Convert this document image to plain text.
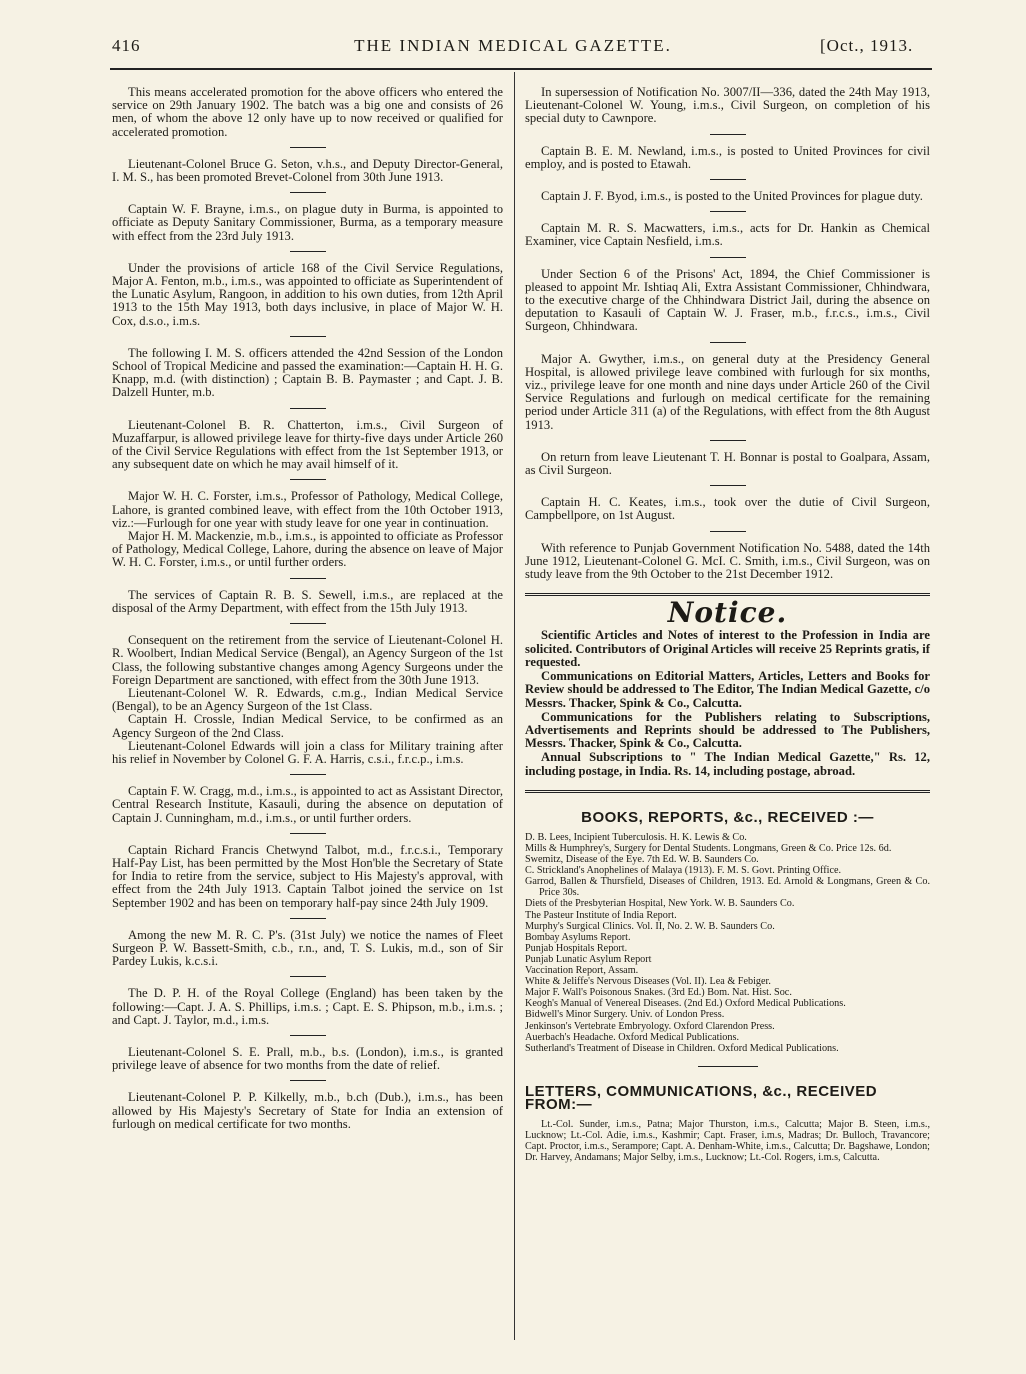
416	THE INDIAN MEDICAL GAZETTE.	[Oct., 1913.

This means accelerated promotion for the above officers who entered the service on 29th January 1902. The batch was a big one and consists of 26 men, of whom the above 12 only have up to now received or qualified for accelerated promotion.

Lieutenant-Colonel Bruce G. Seton, v.h.s., and Deputy Director-General, I. M. S., has been promoted Brevet-Colonel from 30th June 1913.

Captain W. F. Brayne, i.m.s., on plague duty in Burma, is appointed to officiate as Deputy Sanitary Commissioner, Burma, as a temporary measure with effect from the 23rd July 1913.

Under the provisions of article 168 of the Civil Service Regulations, Major A. Fenton, m.b., i.m.s., was appointed to officiate as Superintendent of the Lunatic Asylum, Rangoon, in addition to his own duties, from 12th April 1913 to the 15th May 1913, both days inclusive, in place of Major W. H. Cox, d.s.o., i.m.s.

The following I. M. S. officers attended the 42nd Session of the London School of Tropical Medicine and passed the examination:—Captain H. H. G. Knapp, m.d. (with distinction) ; Captain B. B. Paymaster ; and Capt. J. B. Dalzell Hunter, m.b.

Lieutenant-Colonel B. R. Chatterton, i.m.s., Civil Surgeon of Muzaffarpur, is allowed privilege leave for thirty-five days under Article 260 of the Civil Service Regulations with effect from the 1st September 1913, or any subsequent date on which he may avail himself of it.

Major W. H. C. Forster, i.m.s., Professor of Pathology, Medical College, Lahore, is granted combined leave, with effect from the 10th October 1913, viz.:—Furlough for one year with study leave for one year in continuation.

Major H. M. Mackenzie, m.b., i.m.s., is appointed to officiate as Professor of Pathology, Medical College, Lahore, during the absence on leave of Major W. H. C. Forster, i.m.s., or until further orders.

The services of Captain R. B. S. Sewell, i.m.s., are replaced at the disposal of the Army Department, with effect from the 15th July 1913.

Consequent on the retirement from the service of Lieutenant-Colonel H. R. Woolbert, Indian Medical Service (Bengal), an Agency Surgeon of the 1st Class, the following substantive changes among Agency Surgeons under the Foreign Department are sanctioned, with effect from the 30th June 1913.

Lieutenant-Colonel W. R. Edwards, c.m.g., Indian Medical Service (Bengal), to be an Agency Surgeon of the 1st Class.

Captain H. Crossle, Indian Medical Service, to be confirmed as an Agency Surgeon of the 2nd Class.

Lieutenant-Colonel Edwards will join a class for Military training after his relief in November by Colonel G. F. A. Harris, c.s.i., f.r.c.p., i.m.s.

Captain F. W. Cragg, m.d., i.m.s., is appointed to act as Assistant Director, Central Research Institute, Kasauli, during the absence on deputation of Captain J. Cunningham, m.d., i.m.s., or until further orders.

Captain Richard Francis Chetwynd Talbot, m.d., f.r.c.s.i., Temporary Half-Pay List, has been permitted by the Most Hon'ble the Secretary of State for India to retire from the service, subject to His Majesty's approval, with effect from the 24th July 1913. Captain Talbot joined the service on 1st September 1902 and has been on temporary half-pay since 24th July 1909.

Among the new M. R. C. P's. (31st July) we notice the names of Fleet Surgeon P. W. Bassett-Smith, c.b., r.n., and, T. S. Lukis, m.d., son of Sir Pardey Lukis, k.c.s.i.

The D. P. H. of the Royal College (England) has been taken by the following:—Capt. J. A. S. Phillips, i.m.s. ; Capt. E. S. Phipson, m.b., i.m.s. ; and Capt. J. Taylor, m.d., i.m.s.

Lieutenant-Colonel S. E. Prall, m.b., b.s. (London), i.m.s., is granted privilege leave of absence for two months from the date of relief.

Lieutenant-Colonel P. P. Kilkelly, m.b., b.ch (Dub.), i.m.s., has been allowed by His Majesty's Secretary of State for India an extension of furlough on medical certificate for two months.

In supersession of Notification No. 3007/II—336, dated the 24th May 1913, Lieutenant-Colonel W. Young, i.m.s., Civil Surgeon, on completion of his special duty to Cawnpore.

Captain B. E. M. Newland, i.m.s., is posted to United Provinces for civil employ, and is posted to Etawah.

Captain J. F. Byod, i.m.s., is posted to the United Provinces for plague duty.

Captain M. R. S. Macwatters, i.m.s., acts for Dr. Hankin as Chemical Examiner, vice Captain Nesfield, i.m.s.

Under Section 6 of the Prisons' Act, 1894, the Chief Commissioner is pleased to appoint Mr. Ishtiaq Ali, Extra Assistant Commissioner, Chhindwara, to the executive charge of the Chhindwara District Jail, during the absence on deputation to Kasauli of Captain W. J. Fraser, m.b., f.r.c.s., i.m.s., Civil Surgeon, Chhindwara.

Major A. Gwyther, i.m.s., on general duty at the Presidency General Hospital, is allowed privilege leave combined with furlough for six months, viz., privilege leave for one month and nine days under Article 260 of the Civil Service Regulations and furlough on medical certificate for the remaining period under Article 311 (a) of the Regulations, with effect from the 8th August 1913.

On return from leave Lieutenant T. H. Bonnar is postal to Goalpara, Assam, as Civil Surgeon.

Captain H. C. Keates, i.m.s., took over the dutie of Civil Surgeon, Campbellpore, on 1st August.

With reference to Punjab Government Notification No. 5488, dated the 14th June 1912, Lieutenant-Colonel G. McI. C. Smith, i.m.s., Civil Surgeon, was on study leave from the 9th October to the 21st December 1912.

Notice.

Scientific Articles and Notes of interest to the Profession in India are solicited. Contributors of Original Articles will receive 25 Reprints gratis, if requested.

Communications on Editorial Matters, Articles, Letters and Books for Review should be addressed to The Editor, The Indian Medical Gazette, c/o Messrs. Thacker, Spink & Co., Calcutta.

Communications for the Publishers relating to Subscriptions, Advertisements and Reprints should be addressed to The Publishers, Messrs. Thacker, Spink & Co., Calcutta.

Annual Subscriptions to " The Indian Medical Gazette," Rs. 12, including postage, in India. Rs. 14, including postage, abroad.

BOOKS, REPORTS, &c., RECEIVED :—

D. B. Lees, Incipient Tuberculosis. H. K. Lewis & Co.

Mills & Humphrey's, Surgery for Dental Students. Longmans, Green & Co. Price 12s. 6d.

Swemitz, Disease of the Eye. 7th Ed. W. B. Saunders Co.

C. Strickland's Anophelines of Malaya (1913). F. M. S. Govt. Printing Office.

Garrod, Ballen & Thursfield, Diseases of Children, 1913. Ed. Arnold & Longmans, Green & Co. Price 30s.

Diets of the Presbyterian Hospital, New York. W. B. Saunders Co.

The Pasteur Institute of India Report.

Murphy's Surgical Clinics. Vol. II, No. 2. W. B. Saunders Co.

Bombay Asylums Report.

Punjab Hospitals Report.

Punjab Lunatic Asylum Report

Vaccination Report, Assam.

White & Jeliffe's Nervous Diseases (Vol. II). Lea & Febiger.

Major F. Wall's Poisonous Snakes. (3rd Ed.) Bom. Nat. Hist. Soc.

Keogh's Manual of Venereal Diseases. (2nd Ed.) Oxford Medical Publications.

Bidwell's Minor Surgery. Univ. of London Press.

Jenkinson's Vertebrate Embryology. Oxford Clarendon Press.

Auerbach's Headache. Oxford Medical Publications.

Sutherland's Treatment of Disease in Children. Oxford Medical Publications.

LETTERS, COMMUNICATIONS, &c., RECEIVED FROM:—

Lt.-Col. Sunder, i.m.s., Patna; Major Thurston, i.m.s., Calcutta; Major B. Steen, i.m.s., Lucknow; Lt.-Col. Adie, i.m.s., Kashmir; Capt. Fraser, i.m.s, Madras; Dr. Bulloch, Travancore; Capt. Proctor, i.m.s., Serampore; Capt. A. Denham-White, i.m.s., Calcutta; Dr. Bagshawe, London; Dr. Harvey, Andamans; Major Selby, i.m.s., Lucknow; Lt.-Col. Rogers, i.m.s, Calcutta.
